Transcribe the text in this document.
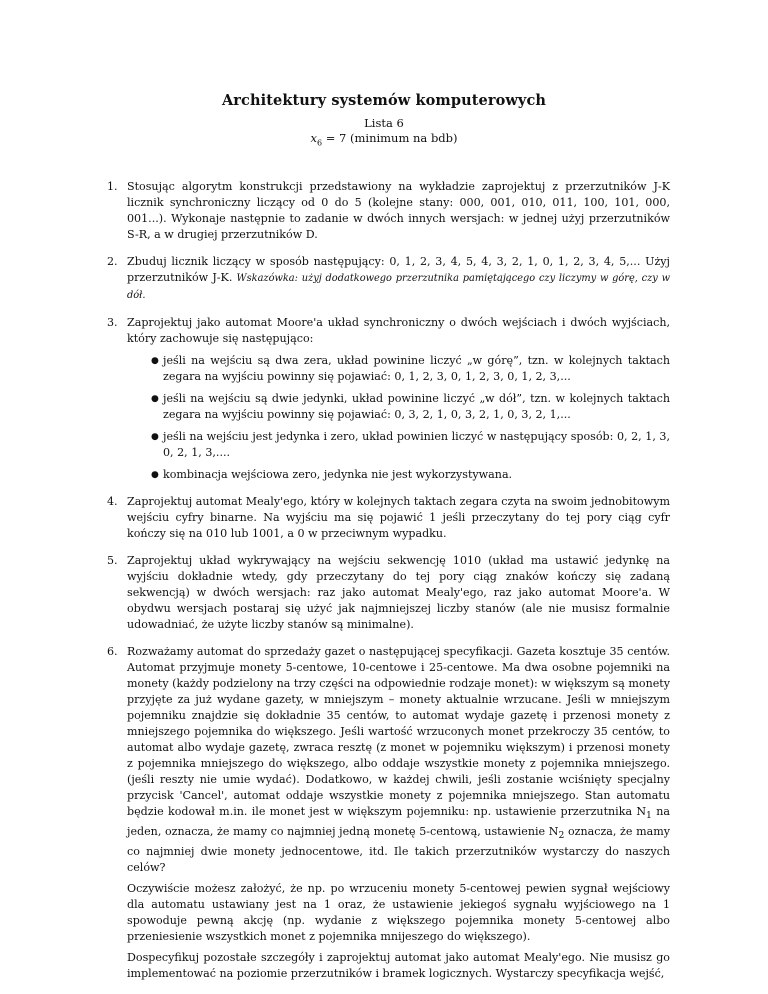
Architektury systemów komputerowych
Lista 6
$x_6 = 7$ (minimum na bdb)
1. Stosując algorytm konstrukcji przedstawiony na wykładzie zaprojektuj z przerzutników J-K licznik synchroniczny liczący od 0 do 5 (kolejne stany: 000, 001, 010, 011, 100, 101, 000, 001...). Wykonaje następnie to zadanie w dwóch innych wersjach: w jednej użyj przerzutników S-R, a w drugiej przerzutników D.
2. Zbuduj licznik liczący w sposób następujący: 0, 1, 2, 3, 4, 5, 4, 3, 2, 1, 0, 1, 2, 3, 4, 5,... Użyj przerzutników J-K. Wskazówka: użyj dodatkowego przerzutnika pamiętającego czy liczymy w górę, czy w dół.
3. Zaprojektuj jako automat Moore'a układ synchroniczny o dwóch wejściach i dwóch wyjściach, który zachowuje się następująco:
● jeśli na wejściu są dwa zera, układ powinine liczyć „w górę”, tzn. w kolejnych taktach zegara na wyjściu powinny się pojawiać: 0, 1, 2, 3, 0, 1, 2, 3, 0, 1, 2, 3,...
● jeśli na wejściu są dwie jedynki, układ powinine liczyć „w dół”, tzn. w kolejnych taktach zegara na wyjściu powinny się pojawiać: 0, 3, 2, 1, 0, 3, 2, 1, 0, 3, 2, 1,...
● jeśli na wejściu jest jedynka i zero, układ powinien liczyć w następujący sposób: 0, 2, 1, 3, 0, 2, 1, 3,....
● kombinacja wejściowa zero, jedynka nie jest wykorzystywana.
4. Zaprojektuj automat Mealy'ego, który w kolejnych taktach zegara czyta na swoim jednobitowym wejściu cyfry binarne. Na wyjściu ma się pojawić 1 jeśli przeczytany do tej pory ciąg cyfr kończy się na 010 lub 1001, a 0 w przeciwnym wypadku.
5. Zaprojektuj układ wykrywający na wejściu sekwencję 1010 (układ ma ustawić jedynkę na wyjściu dokładnie wtedy, gdy przeczytany do tej pory ciąg znaków kończy się zadaną sekwencją) w dwóch wersjach: raz jako automat Mealy'ego, raz jako automat Moore'a. W obydwu wersjach postaraj się użyć jak najmniejszej liczby stanów (ale nie musisz formalnie udowadniać, że użyte liczby stanów są minimalne).
6. Rozważamy automat do sprzedaży gazet o następującej specyfikacji. Gazeta kosztuje 35 centów. Automat przyjmuje monety 5-centowe, 10-centowe i 25-centowe. Ma dwa osobne pojemniki na monety (każdy podzielony na trzy części na odpowiednie rodzaje monet): w większym są monety przyjęte za już wydane gazety, w mniejszym – monety aktualnie wrzucane. Jeśli w mniejszym pojemniku znajdzie się dokładnie 35 centów, to automat wydaje gazetę i przenosi monety z mniejszego pojemnika do większego. Jeśli wartość wrzuconych monet przekroczy 35 centów, to automat albo wydaje gazetę, zwraca resztę (z monet w pojemniku większym) i przenosi monety z pojemnika mniejszego do większego, albo oddaje wszystkie monety z pojemnika mniejszego. (jeśli reszty nie umie wydać). Dodatkowo, w każdej chwili, jeśli zostanie wciśnięty specjalny przycisk 'Cancel', automat oddaje wszystkie monety z pojemnika mniejszego. Stan automatu będzie kodował m.in. ile monet jest w większym pojemniku: np. ustawienie przerzutnika $N_1$ na jeden, oznacza, że mamy co najmniej jedną monetę 5-centową, ustawienie $N_2$ oznacza, że mamy co najmniej dwie monety jednocentowe, itd. Ile takich przerzutników wystarczy do naszych celów?
Oczywiście możesz założyć, że np. po wrzuceniu monety 5-centowej pewien sygnał wejściowy dla automatu ustawiany jest na 1 oraz, że ustawienie jekiegoś sygnału wyjściowego na 1 spowoduje pewną akcję (np. wydanie z większego pojemnika monety 5-centowej albo przeniesienie wszystkich monet z pojemnika mnijeszego do większego).
Dospecyfikuj pozostałe szczegóły i zaprojektuj automat jako automat Mealy'ego. Nie musisz go implementować na poziomie przerzutników i bramek logicznych. Wystarczy specyfikacja wejść,
